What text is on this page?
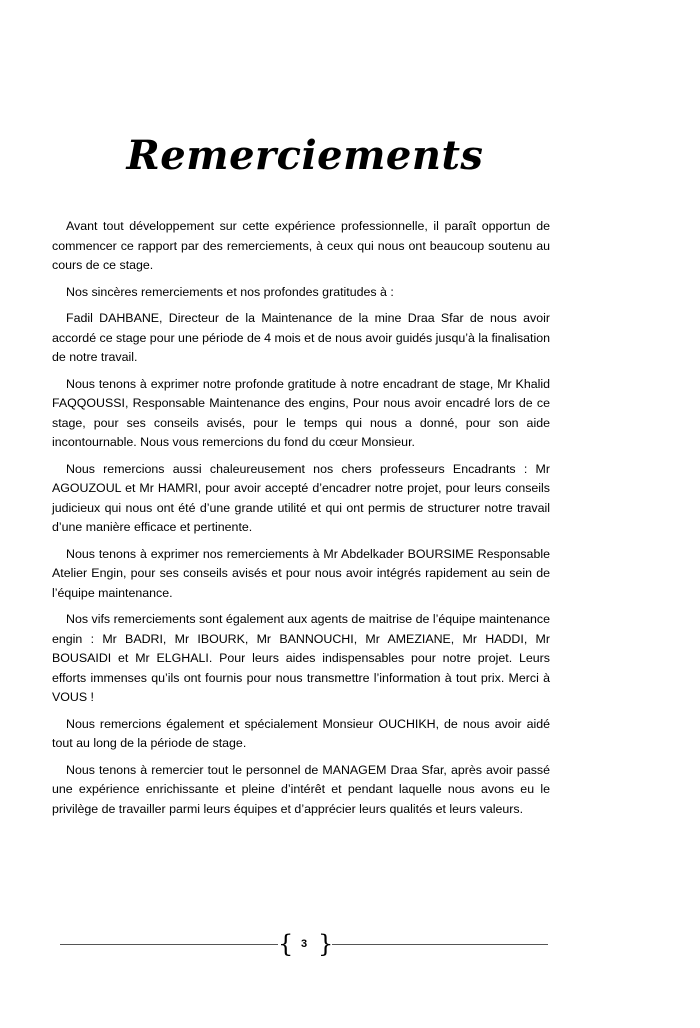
Remerciements

Avant tout développement sur cette expérience professionnelle, il paraît opportun de commencer ce rapport par des remerciements, à ceux qui nous ont beaucoup soutenu au cours de ce stage.

Nos sincères remerciements et nos profondes gratitudes à :

Fadil DAHBANE, Directeur de la Maintenance de la mine Draa Sfar de nous avoir accordé ce stage pour une période de 4 mois et de nous avoir guidés jusqu’à la finalisation de notre travail.

Nous tenons à exprimer notre profonde gratitude à notre encadrant de stage, Mr Khalid FAQQOUSSI, Responsable Maintenance des engins, Pour nous avoir encadré lors de ce stage, pour ses conseils avisés, pour le temps qui nous a donné, pour son aide incontournable. Nous vous remercions du fond du cœur Monsieur.

Nous remercions aussi chaleureusement nos chers professeurs Encadrants : Mr AGOUZOUL et Mr HAMRI, pour avoir accepté d’encadrer notre projet, pour leurs conseils judicieux qui nous ont été d’une grande utilité et qui ont permis de structurer notre travail d’une manière efficace et pertinente.

Nous tenons à exprimer nos remerciements à Mr Abdelkader BOURSIME Responsable Atelier Engin, pour ses conseils avisés et pour nous avoir intégrés rapidement au sein de l’équipe maintenance.

Nos vifs remerciements sont également aux agents de maitrise de l’équipe maintenance engin : Mr BADRI, Mr IBOURK, Mr BANNOUCHI, Mr AMEZIANE, Mr HADDI, Mr BOUSAIDI et Mr ELGHALI. Pour leurs aides indispensables pour notre projet. Leurs efforts immenses qu’ils ont fournis pour nous transmettre l’information à tout prix. Merci à VOUS !

Nous remercions également et spécialement Monsieur OUCHIKH, de nous avoir aidé tout au long de la période de stage.

Nous tenons à remercier tout le personnel de MANAGEM Draa Sfar, après avoir passé une expérience enrichissante et pleine d’intérêt et pendant laquelle nous avons eu le privilège de travailler parmi leurs équipes et d’apprécier leurs qualités et leurs valeurs.

{ 3 }
